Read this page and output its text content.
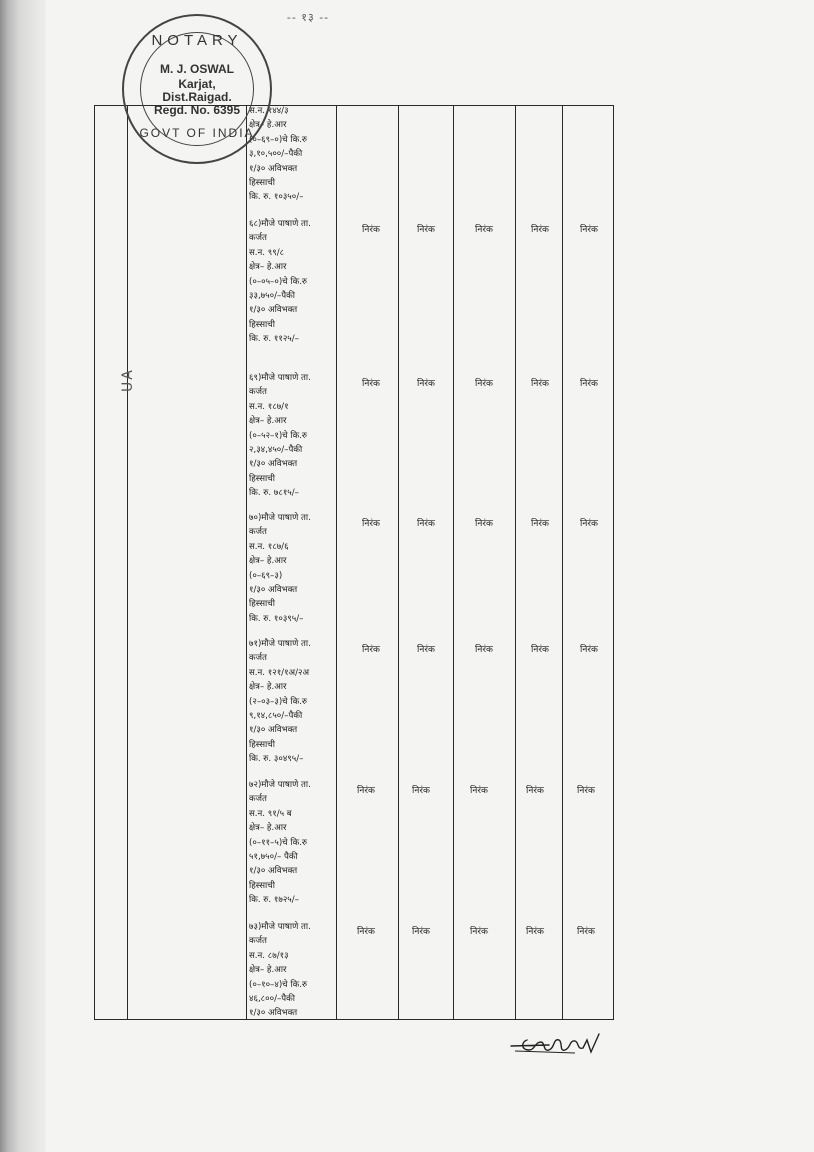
-- १३ --
स.न. १४४/३
क्षेत्र– हे.आर
(०–६९–०)चे कि.रु
३,१०,५००/–पैकी
१/३० अविभक्त
हिस्साची
कि. रु. १०३५०/–
६८)मौजे पाषाणे ता.
कर्जत
स.न. ९९/८
क्षेत्र– हे.आर
(०–०५–०)चे कि.रु
३३,७५०/–पैकी
१/३० अविभक्त
हिस्साची
कि. रु. ११२५/–
निरंक	निरंक	निरंक	निरंक	निरंक
६९)मौजे पाषाणे ता.
कर्जत
स.न. १८७/१
क्षेत्र– हे.आर
(०–५२–१)चे कि.रु
२,३४,४५०/–पैकी
१/३० अविभक्त
हिस्साची
कि. रु. ७८१५/–
निरंक	निरंक	निरंक	निरंक	निरंक
७०)मौजे पाषाणे ता.
कर्जत
स.न. १८७/६
क्षेत्र– हे.आर
(०–६९–३)
१/३० अविभक्त
हिस्साची
कि. रु. १०३९५/–
निरंक	निरंक	निरंक	निरंक	निरंक
७१)मौजे पाषाणे ता.
कर्जत
स.न. १२१/१अ/२अ
क्षेत्र– हे.आर
(२–०३–३)चे कि.रु
९,१४,८५०/–पैकी
१/३० अविभक्त
हिस्साची
कि. रु. ३०४९५/–
निरंक	निरंक	निरंक	निरंक	निरंक
७२)मौजे पाषाणे ता.
कर्जत
स.न. ९१/५ ब
क्षेत्र– हे.आर
(०–११–५)चे कि.रु
५१,७५०/– पैकी
१/३० अविभक्त
हिस्साची
कि. रु. १७२५/–
निरंक	निरंक	निरंक	निरंक	निरंक
७३)मौजे पाषाणे ता.
कर्जत
स.न. ८७/१३
क्षेत्र– हे.आर
(०–१०–४)चे कि.रु
४६,८००/–पैकी
१/३० अविभक्त
निरंक	निरंक	निरंक	निरंक	निरंक
NOTARY
M. J. OSWAL
Karjat,
Dist.Raigad.
Regd. No. 6395
GOVT OF INDIA
UA
